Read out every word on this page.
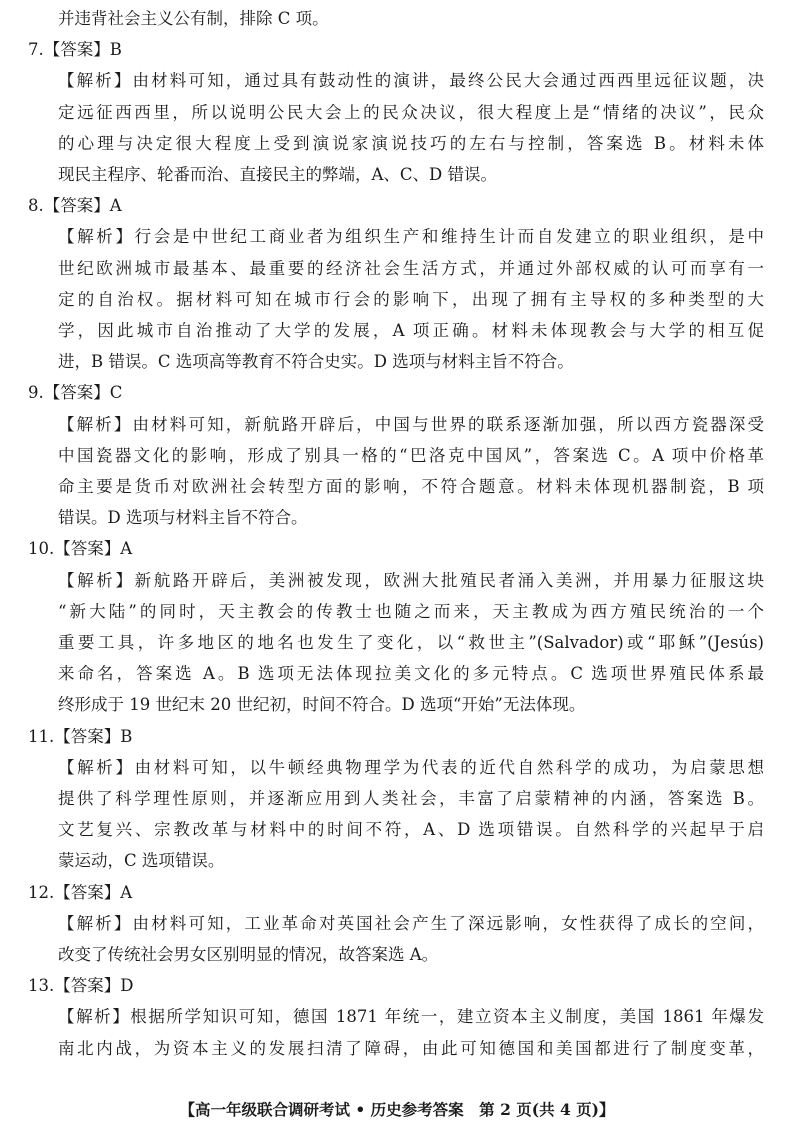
并违背社会主义公有制，排除 C 项。
7.【答案】B
【解析】由材料可知，通过具有鼓动性的演讲，最终公民大会通过西西里远征议题，决
定远征西西里，所以说明公民大会上的民众决议，很大程度上是“情绪的决议”，民众
的心理与决定很大程度上受到演说家演说技巧的左右与控制，答案选 B。材料未体
现民主程序、轮番而治、直接民主的弊端，A、C、D 错误。
8.【答案】A
【解析】行会是中世纪工商业者为组织生产和维持生计而自发建立的职业组织，是中
世纪欧洲城市最基本、最重要的经济社会生活方式，并通过外部权威的认可而享有一
定的自治权。据材料可知在城市行会的影响下，出现了拥有主导权的多种类型的大
学，因此城市自治推动了大学的发展，A 项正确。材料未体现教会与大学的相互促
进，B 错误。C 选项高等教育不符合史实。D 选项与材料主旨不符合。
9.【答案】C
【解析】由材料可知，新航路开辟后，中国与世界的联系逐渐加强，所以西方瓷器深受
中国瓷器文化的影响，形成了别具一格的“巴洛克中国风”，答案选 C。A 项中价格革
命主要是货币对欧洲社会转型方面的影响，不符合题意。材料未体现机器制瓷，B 项
错误。D 选项与材料主旨不符合。
10.【答案】A
【解析】新航路开辟后，美洲被发现，欧洲大批殖民者涌入美洲，并用暴力征服这块
“新大陆”的同时，天主教会的传教士也随之而来，天主教成为西方殖民统治的一个
重要工具，许多地区的地名也发生了变化，以“救世主”(Salvador)或“耶稣”(Jesús)
来命名，答案选 A。B 选项无法体现拉美文化的多元特点。C 选项世界殖民体系最
终形成于 19 世纪末 20 世纪初，时间不符合。D 选项“开始”无法体现。
11.【答案】B
【解析】由材料可知，以牛顿经典物理学为代表的近代自然科学的成功，为启蒙思想
提供了科学理性原则，并逐渐应用到人类社会，丰富了启蒙精神的内涵，答案选 B。
文艺复兴、宗教改革与材料中的时间不符，A、D 选项错误。自然科学的兴起早于启
蒙运动，C 选项错误。
12.【答案】A
【解析】由材料可知，工业革命对英国社会产生了深远影响，女性获得了成长的空间，
改变了传统社会男女区别明显的情况，故答案选 A。
13.【答案】D
【解析】根据所学知识可知，德国 1871 年统一，建立资本主义制度，美国 1861 年爆发
南北内战，为资本主义的发展扫清了障碍，由此可知德国和美国都进行了制度变革，
【高一年级联合调研考试 • 历史参考答案　第 2 页(共 4 页)】
